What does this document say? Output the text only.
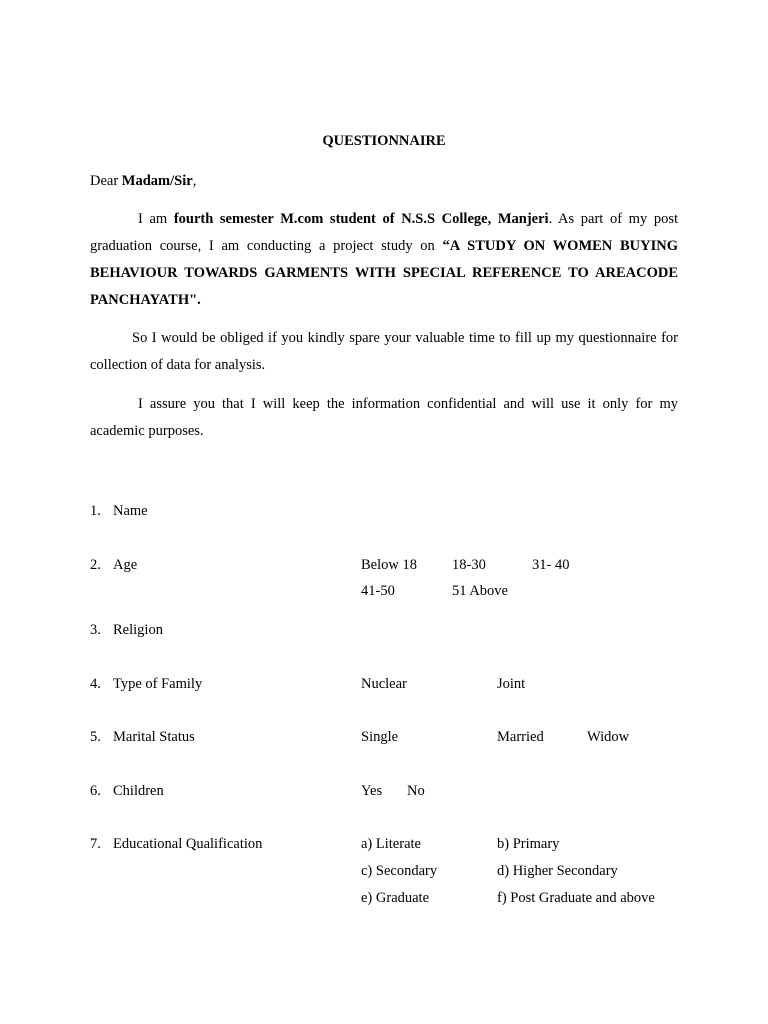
QUESTIONNAIRE
Dear Madam/Sir,
I am fourth semester M.com student of N.S.S College, Manjeri. As part of my post graduation course, I am conducting a project study on “A STUDY ON WOMEN BUYING BEHAVIOUR TOWARDS GARMENTS WITH SPECIAL REFERENCE TO AREACODE PANCHAYATH".
So I would be obliged if you kindly spare your valuable time to fill up my questionnaire for collection of data for analysis.
I assure you that I will keep the information confidential and will use it only for my academic purposes.
1. Name
2. Age	Below 18 18-30	31- 40
41-50	51 Above
3. Religion
4. Type of Family	Nuclear	Joint
5. Marital Status	Single	Married	Widow
6. Children	Yes No
7. Educational Qualification	a) Literate	b) Primary
c) Secondary	d) Higher Secondary
e) Graduate	f) Post Graduate and above
